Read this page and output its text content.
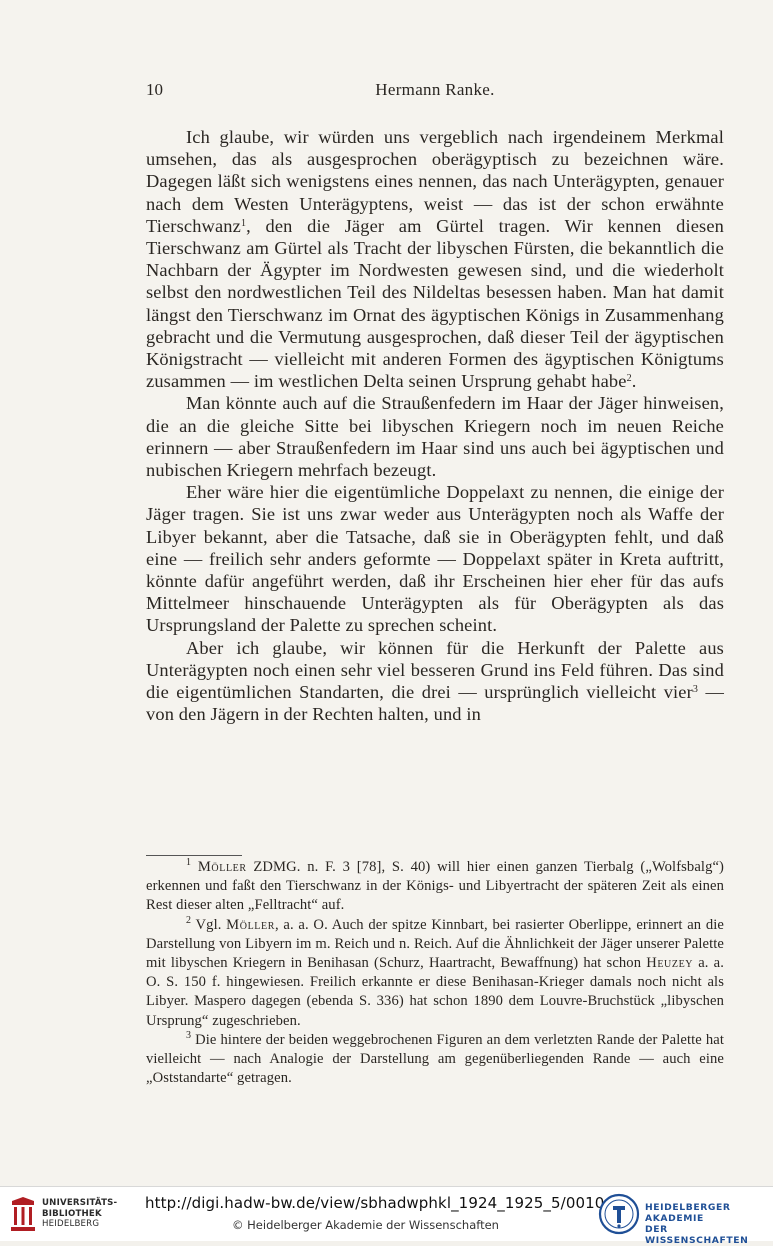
10	Hermann Ranke.

Ich glaube, wir würden uns vergeblich nach irgendeinem Merkmal umsehen, das als ausgesprochen oberägyptisch zu bezeichnen wäre. Dagegen läßt sich wenigstens eines nennen, das nach Unterägypten, genauer nach dem Westen Unterägyptens, weist — das ist der schon erwähnte Tierschwanz$^1$, den die Jäger am Gürtel tragen. Wir kennen diesen Tierschwanz am Gürtel als Tracht der libyschen Fürsten, die bekanntlich die Nachbarn der Ägypter im Nordwesten gewesen sind, und die wiederholt selbst den nordwestlichen Teil des Nildeltas besessen haben. Man hat damit längst den Tierschwanz im Ornat des ägyptischen Königs in Zusammenhang gebracht und die Vermutung ausgesprochen, daß dieser Teil der ägyptischen Königstracht — vielleicht mit anderen Formen des ägyptischen Königtums zusammen — im westlichen Delta seinen Ursprung gehabt habe$^2$.

Man könnte auch auf die Straußenfedern im Haar der Jäger hinweisen, die an die gleiche Sitte bei libyschen Kriegern noch im neuen Reiche erinnern — aber Straußenfedern im Haar sind uns auch bei ägyptischen und nubischen Kriegern mehrfach bezeugt.

Eher wäre hier die eigentümliche Doppelaxt zu nennen, die einige der Jäger tragen. Sie ist uns zwar weder aus Unterägypten noch als Waffe der Libyer bekannt, aber die Tatsache, daß sie in Oberägypten fehlt, und daß eine — freilich sehr anders geformte — Doppelaxt später in Kreta auftritt, könnte dafür angeführt werden, daß ihr Erscheinen hier eher für das aufs Mittelmeer hinschauende Unterägypten als für Oberägypten als das Ursprungsland der Palette zu sprechen scheint.

Aber ich glaube, wir können für die Herkunft der Palette aus Unterägypten noch einen sehr viel besseren Grund ins Feld führen. Das sind die eigentümlichen Standarten, die drei — ursprünglich vielleicht vier$^3$ — von den Jägern in der Rechten halten, und in

$^1$ Möller ZDMG. n. F. 3 [78], S. 40) will hier einen ganzen Tierbalg („Wolfsbalg“) erkennen und faßt den Tierschwanz in der Königs- und Libyertracht der späteren Zeit als einen Rest dieser alten „Felltracht“ auf.

$^2$ Vgl. Möller, a. a. O. Auch der spitze Kinnbart, bei rasierter Oberlippe, erinnert an die Darstellung von Libyern im m. Reich und n. Reich. Auf die Ähnlichkeit der Jäger unserer Palette mit libyschen Kriegern in Benihasan (Schurz, Haartracht, Bewaffnung) hat schon Heuzey a. a. O. S. 150 f. hingewiesen. Freilich erkannte er diese Benihasan-Krieger damals noch nicht als Libyer. Maspero dagegen (ebenda S. 336) hat schon 1890 dem Louvre-Bruchstück „libyschen Ursprung“ zugeschrieben.

$^3$ Die hintere der beiden weggebrochenen Figuren an dem verletzten Rande der Palette hat vielleicht — nach Analogie der Darstellung am gegenüberliegenden Rande — auch eine „Oststandarte“ getragen.

UNIVERSITÄTS-
BIBLIOTHEK
HEIDELBERG
http://digi.hadw-bw.de/view/sbhadwphkl_1924_1925_5/0010
© Heidelberger Akademie der Wissenschaften
HEIDELBERGER AKADEMIE
DER WISSENSCHAFTEN
